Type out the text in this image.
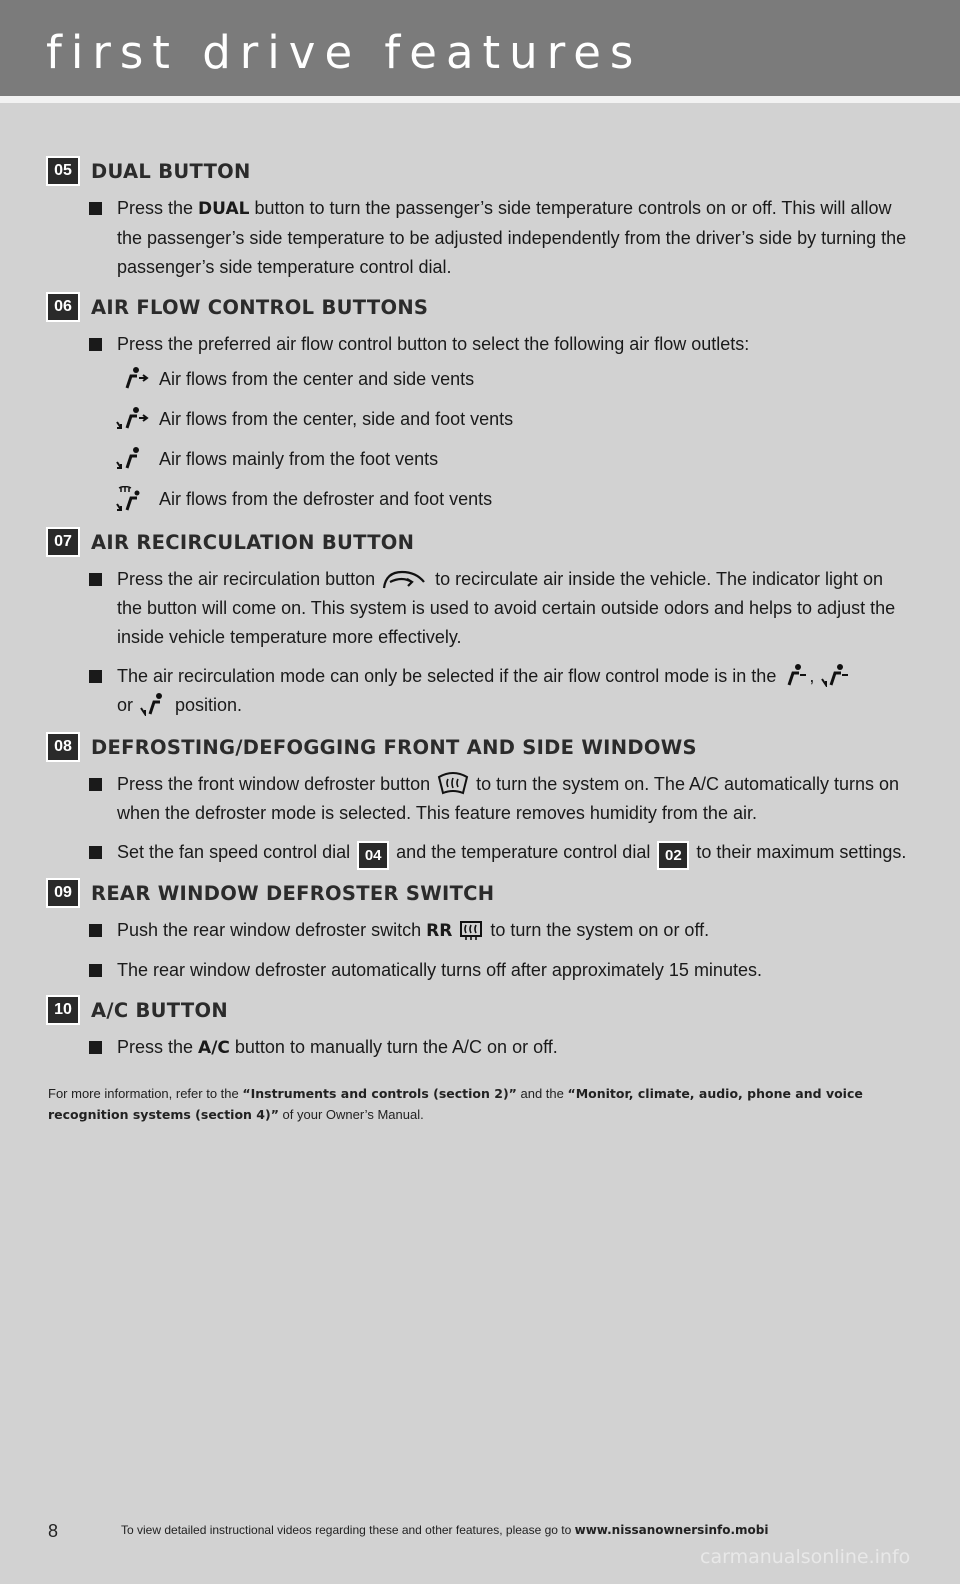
first drive features
05 DUAL BUTTON
Press the DUAL button to turn the passenger’s side temperature controls on or off. This will allow the passenger’s side temperature to be adjusted independently from the driver’s side by turning the passenger’s side temperature control dial.
06 AIR FLOW CONTROL BUTTONS
Press the preferred air flow control button to select the following air flow outlets:
Air flows from the center and side vents
Air flows from the center, side and foot vents
Air flows mainly from the foot vents
Air flows from the defroster and foot vents
07 AIR RECIRCULATION BUTTON
Press the air recirculation button	to recirculate air inside the vehicle. The indicator light on the button will come on. This system is used to avoid certain outside odors and helps to adjust the inside vehicle temperature more effectively.
The air recirculation mode can only be selected if the air flow control mode is in the ,
or  position.
08 DEFROSTING/DEFOGGING FRONT AND SIDE WINDOWS
Press the front window defroster button  to turn the system on. The A/C automatically turns on when the defroster mode is selected. This feature removes humidity from the air.
Set the fan speed control dial 04 and the temperature control dial 02 to their maximum settings.
09 REAR WINDOW DEFROSTER SWITCH
Push the rear window defroster switch RR  to turn the system on or off.
The rear window defroster automatically turns off after approximately 15 minutes.
10 A/C BUTTON
Press the A/C button to manually turn the A/C on or off.
For more information, refer to the “Instruments and controls (section 2)” and the “Monitor, climate, audio, phone and voice recognition systems (section 4)” of your Owner’s Manual.
8	To view detailed instructional videos regarding these and other features, please go to www.nissanownersinfo.mobi
carmanualsonline.info
